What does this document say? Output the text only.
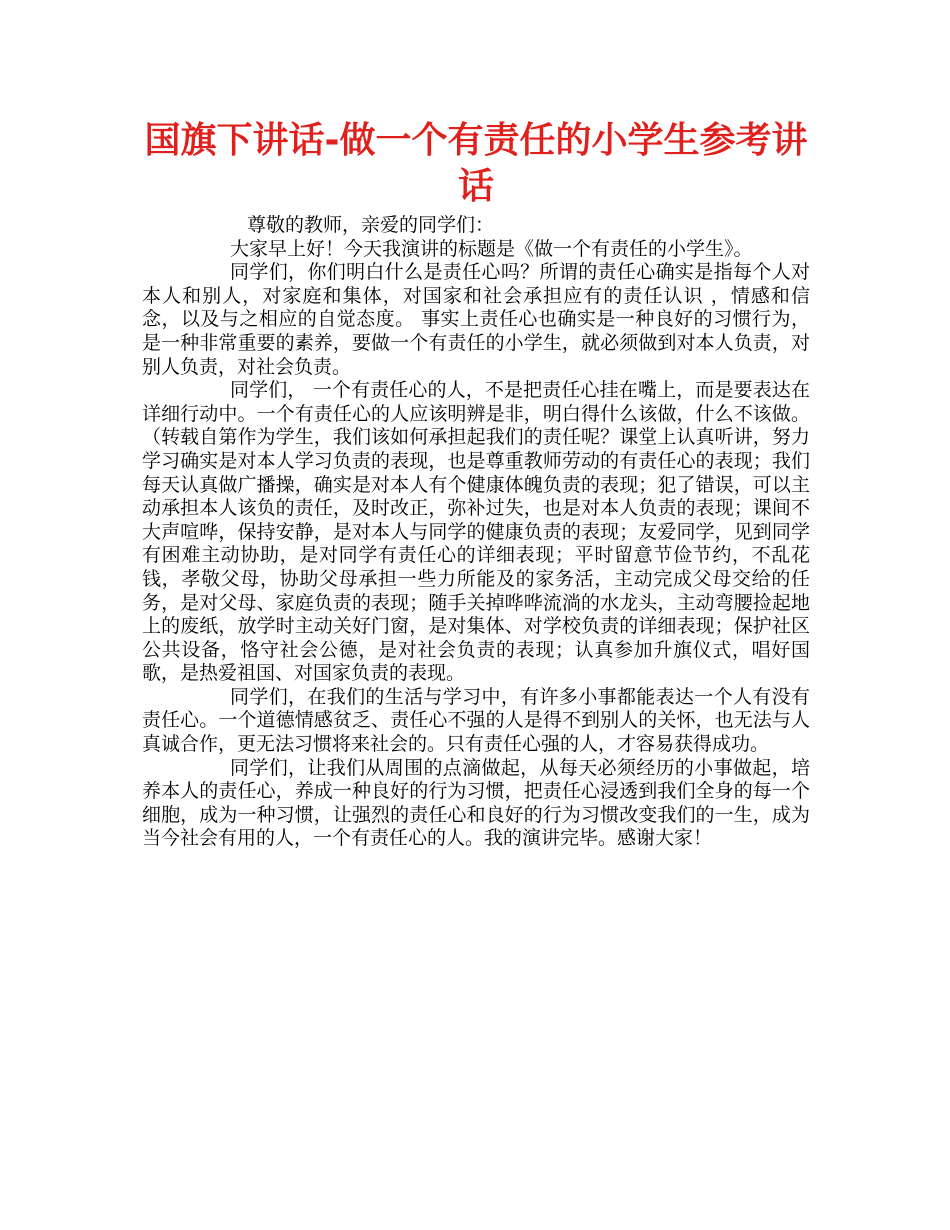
国旗下讲话-做一个有责任的小学生参考讲话

尊敬的教师，亲爱的同学们：

大家早上好！今天我演讲的标题是《做一个有责任的小学生》。

同学们，你们明白什么是责任心吗？所谓的责任心确实是指每个人对本人和别人，对家庭和集体，对国家和社会承担应有的责任认识 ，情感和信念，以及与之相应的自觉态度。 事实上责任心也确实是一种良好的习惯行为，是一种非常重要的素养，要做一个有责任的小学生，就必须做到对本人负责，对别人负责，对社会负责。

同学们， 一个有责任心的人，不是把责任心挂在嘴上，而是要表达在详细行动中。一个有责任心的人应该明辨是非，明白得什么该做，什么不该做。（转载自第作为学生，我们该如何承担起我们的责任呢？课堂上认真听讲，努力学习确实是对本人学习负责的表现，也是尊重教师劳动的有责任心的表现；我们每天认真做广播操，确实是对本人有个健康体魄负责的表现；犯了错误，可以主动承担本人该负的责任，及时改正，弥补过失，也是对本人负责的表现；课间不大声喧哗，保持安静，是对本人与同学的健康负责的表现；友爱同学，见到同学有困难主动协助，是对同学有责任心的详细表现；平时留意节俭节约，不乱花钱，孝敬父母，协助父母承担一些力所能及的家务活，主动完成父母交给的任务，是对父母、家庭负责的表现；随手关掉哗哗流淌的水龙头，主动弯腰捡起地上的废纸，放学时主动关好门窗，是对集体、对学校负责的详细表现；保护社区公共设备，恪守社会公德，是对社会负责的表现；认真参加升旗仪式，唱好国歌，是热爱祖国、对国家负责的表现。

同学们，在我们的生活与学习中，有许多小事都能表达一个人有没有责任心。一个道德情感贫乏、责任心不强的人是得不到别人的关怀，也无法与人真诚合作，更无法习惯将来社会的。只有责任心强的人，才容易获得成功。

同学们，让我们从周围的点滴做起，从每天必须经历的小事做起，培养本人的责任心，养成一种良好的行为习惯，把责任心浸透到我们全身的每一个细胞，成为一种习惯，让强烈的责任心和良好的行为习惯改变我们的一生，成为当今社会有用的人，一个有责任心的人。我的演讲完毕。感谢大家！
